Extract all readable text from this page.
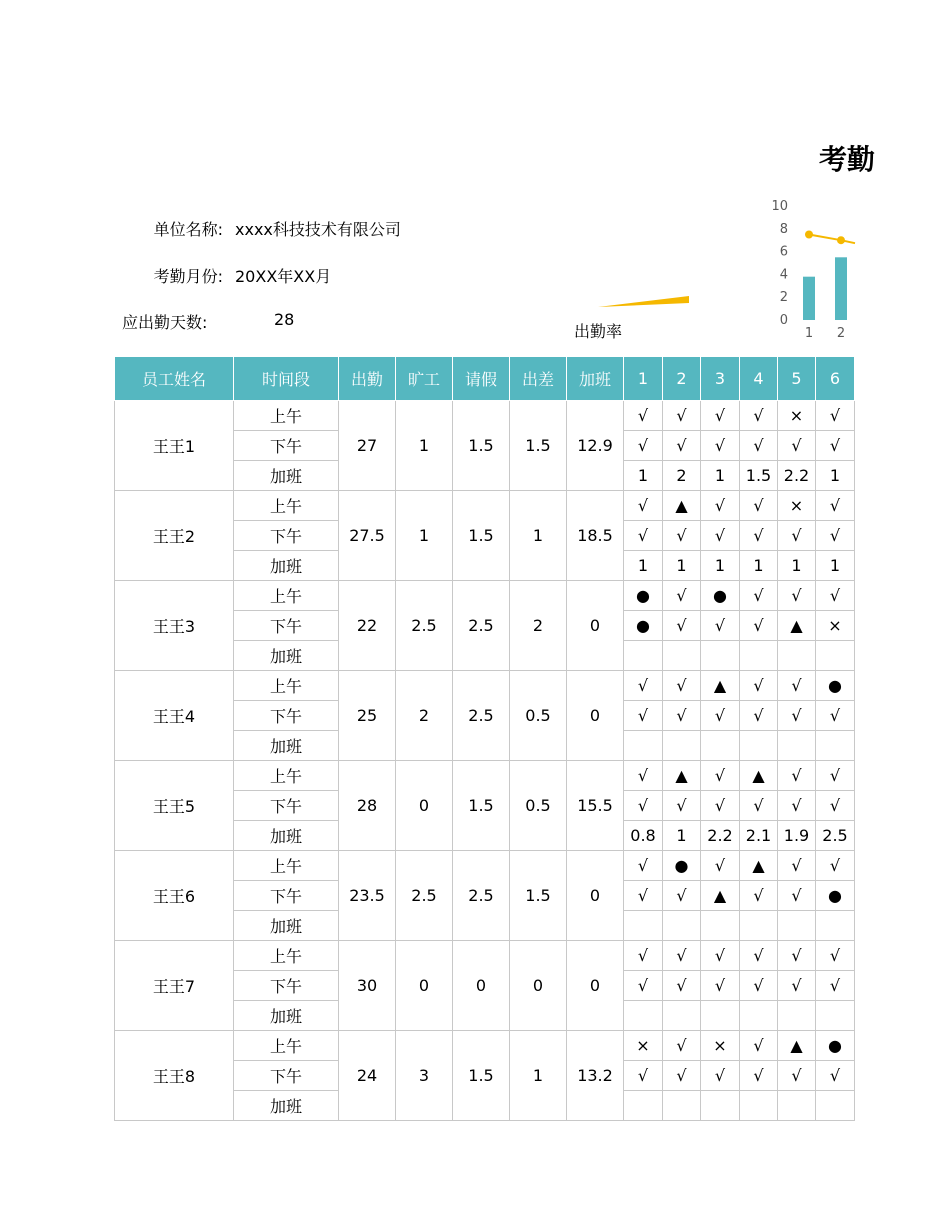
考勤
单位名称: xxxx科技技术有限公司
考勤月份: 20XX年XX月
应出勤天数:	28
出勤率
0
2
4
6
8
10
1 2
员工姓名	时间段	出勤	旷工	请假	出差	加班	1	2	3	4	5	6
王王1	上午	27	1	1.5	1.5	12.9	√	√	√	√	×	√
	下午						√	√	√	√	√	√
	加班						1	2	1	1.5	2.2	1
王王2	上午	27.5	1	1.5	1	18.5	√	▲	√	√	×	√
	下午						√	√	√	√	√	√
	加班						1	1	1	1	1	1
王王3	上午	22	2.5	2.5	2	0	●	√	●	√	√	√
	下午						●	√	√	√	▲	×
	加班											
王王4	上午	25	2	2.5	0.5	0	√	√	▲	√	√	●
	下午						√	√	√	√	√	√
	加班											
王王5	上午	28	0	1.5	0.5	15.5	√	▲	√	▲	√	√
	下午						√	√	√	√	√	√
	加班						0.8	1	2.2	2.1	1.9	2.5
王王6	上午	23.5	2.5	2.5	1.5	0	√	●	√	▲	√	√
	下午						√	√	▲	√	√	●
	加班											
王王7	上午	30	0	0	0	0	√	√	√	√	√	√
	下午						√	√	√	√	√	√
	加班											
王王8	上午	24	3	1.5	1	13.2	×	√	×	√	▲	●
	下午						√	√	√	√	√	√
	加班											
